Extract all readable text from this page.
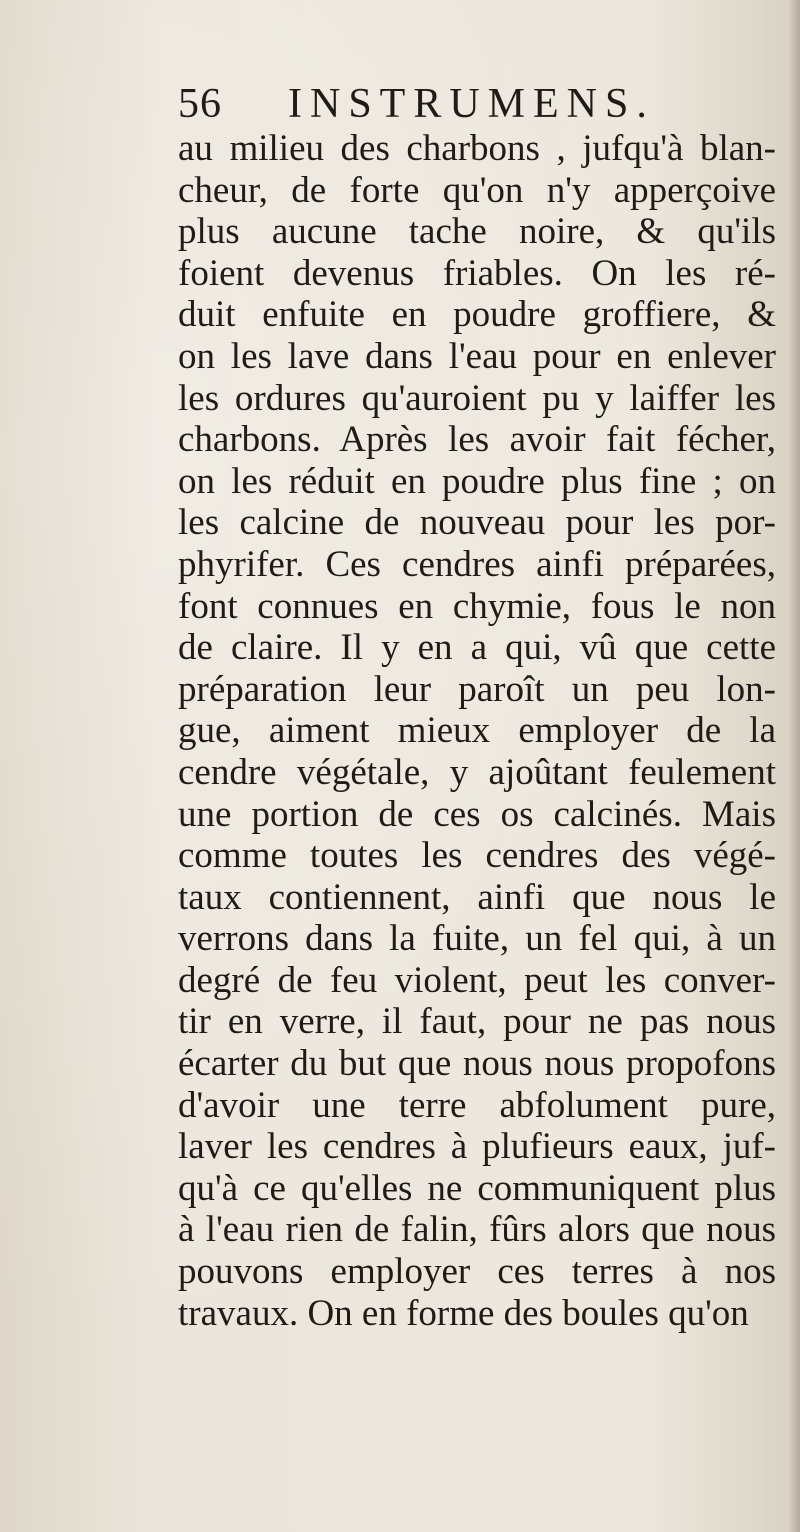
56	INSTRUMENS.
au milieu des charbons , jufqu'à blan-
cheur, de forte qu'on n'y apperçoive
plus aucune tache noire, & qu'ils
foient devenus friables. On les ré-
duit enfuite en poudre groffiere, &
on les lave dans l'eau pour en enlever
les ordures qu'auroient pu y laiffer les
charbons. Après les avoir fait fécher,
on les réduit en poudre plus fine ; on
les calcine de nouveau pour les por-
phyrifer. Ces cendres ainfi préparées,
font connues en chymie, fous le non
de claire. Il y en a qui, vû que cette
préparation leur paroît un peu lon-
gue, aiment mieux employer de la
cendre végétale, y ajoûtant feulement
une portion de ces os calcinés. Mais
comme toutes les cendres des végé-
taux contiennent, ainfi que nous le
verrons dans la fuite, un fel qui, à un
degré de feu violent, peut les conver-
tir en verre, il faut, pour ne pas nous
écarter du but que nous nous propofons
d'avoir une terre abfolument pure,
laver les cendres à plufieurs eaux, juf-
qu'à ce qu'elles ne communiquent plus
à l'eau rien de falin, fûrs alors que nous
pouvons employer ces terres à nos
travaux. On en forme des boules qu'on
